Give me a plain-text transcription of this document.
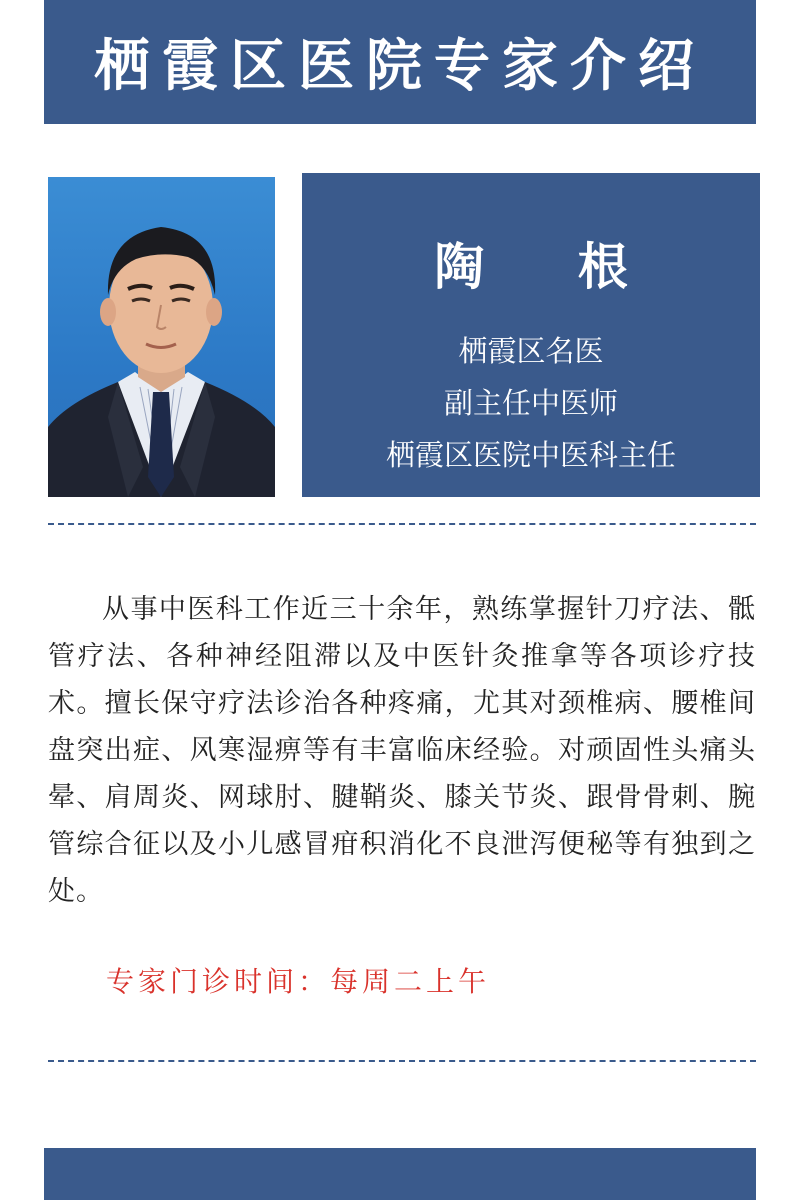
栖霞区医院专家介绍
陶 根
栖霞区名医
副主任中医师
栖霞区医院中医科主任
从事中医科工作近三十余年，熟练掌握针刀疗法、骶管疗法、各种神经阻滞以及中医针灸推拿等各项诊疗技术。擅长保守疗法诊治各种疼痛，尤其对颈椎病、腰椎间盘突出症、风寒湿痹等有丰富临床经验。对顽固性头痛头晕、肩周炎、网球肘、腱鞘炎、膝关节炎、跟骨骨刺、腕管综合征以及小儿感冒疳积消化不良泄泻便秘等有独到之处。
专家门诊时间：每周二上午
